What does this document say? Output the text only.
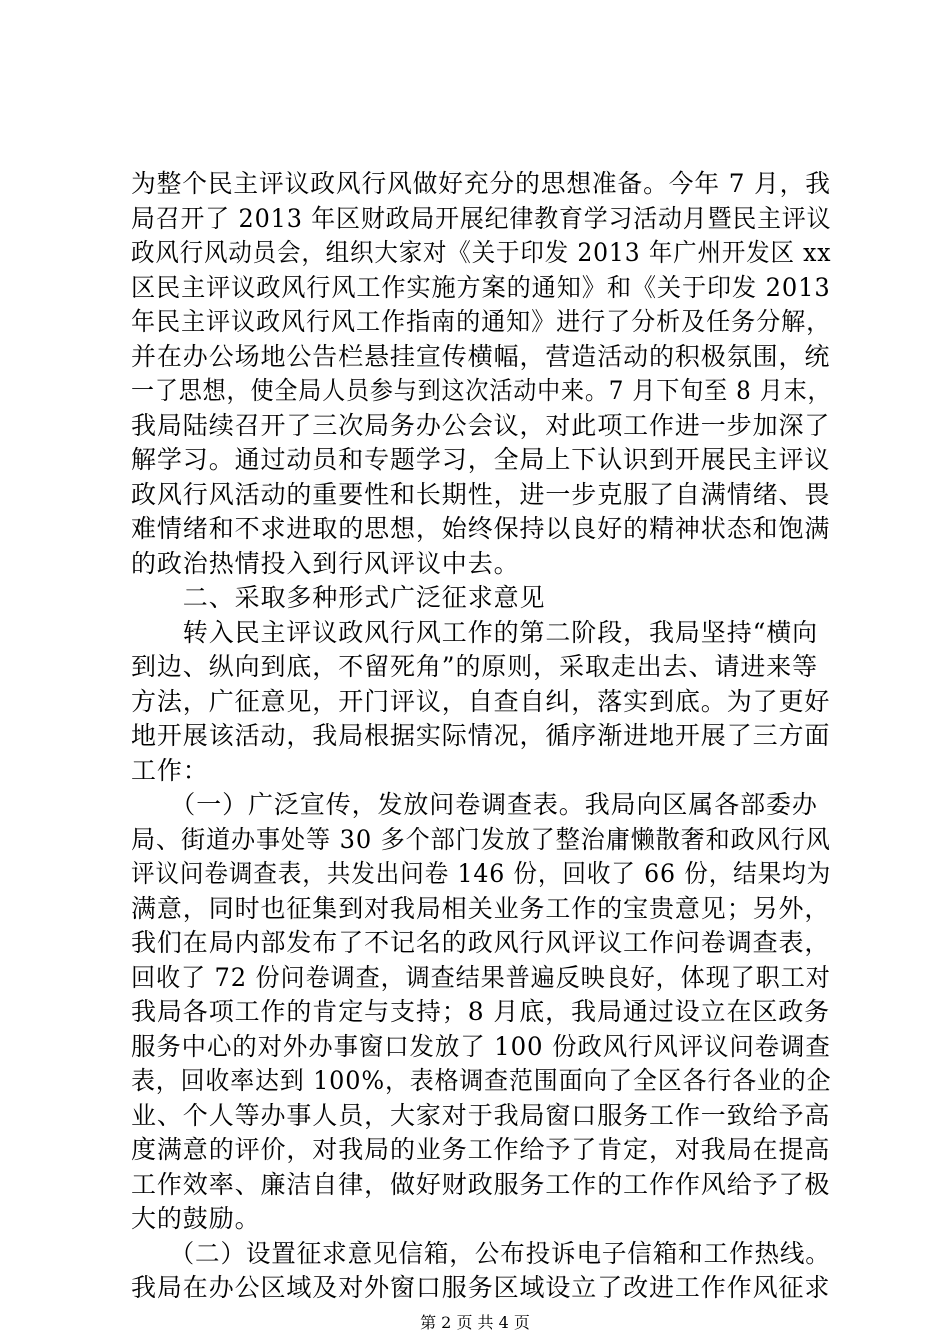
为整个民主评议政风行风做好充分的思想准备。今年 7 月，我
局召开了 2013 年区财政局开展纪律教育学习活动月暨民主评议
政风行风动员会，组织大家对《关于印发 2013 年广州开发区 xx
区民主评议政风行风工作实施方案的通知》和《关于印发 2013
年民主评议政风行风工作指南的通知》进行了分析及任务分解，
并在办公场地公告栏悬挂宣传横幅，营造活动的积极氛围，统
一了思想，使全局人员参与到这次活动中来。7 月下旬至 8 月末，
我局陆续召开了三次局务办公会议，对此项工作进一步加深了
解学习。通过动员和专题学习，全局上下认识到开展民主评议
政风行风活动的重要性和长期性，进一步克服了自满情绪、畏
难情绪和不求进取的思想，始终保持以良好的精神状态和饱满
的政治热情投入到行风评议中去。
　　二、采取多种形式广泛征求意见
　　转入民主评议政风行风工作的第二阶段，我局坚持“横向
到边、纵向到底，不留死角”的原则，采取走出去、请进来等
方法，广征意见，开门评议，自查自纠，落实到底。为了更好
地开展该活动，我局根据实际情况，循序渐进地开展了三方面
工作：
　　（一）广泛宣传，发放问卷调查表。我局向区属各部委办
局、街道办事处等 30 多个部门发放了整治庸懒散奢和政风行风
评议问卷调查表，共发出问卷 146 份，回收了 66 份，结果均为
满意，同时也征集到对我局相关业务工作的宝贵意见；另外，
我们在局内部发布了不记名的政风行风评议工作问卷调查表，
回收了 72 份问卷调查，调查结果普遍反映良好，体现了职工对
我局各项工作的肯定与支持；8 月底，我局通过设立在区政务
服务中心的对外办事窗口发放了 100 份政风行风评议问卷调查
表，回收率达到 100%，表格调查范围面向了全区各行各业的企
业、个人等办事人员，大家对于我局窗口服务工作一致给予高
度满意的评价，对我局的业务工作给予了肯定，对我局在提高
工作效率、廉洁自律，做好财政服务工作的工作作风给予了极
大的鼓励。
　　（二）设置征求意见信箱，公布投诉电子信箱和工作热线。
我局在办公区域及对外窗口服务区域设立了改进工作作风征求
第 2 页 共 4 页
